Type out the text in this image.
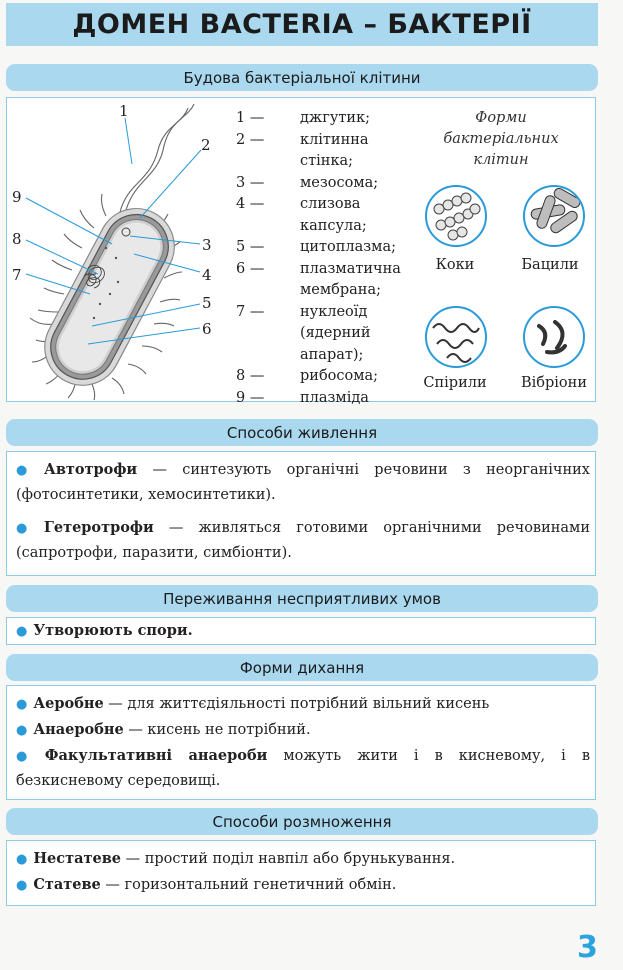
ДОМЕН BACTERIA – БАКТЕРІЇ
Будова бактеріальної клітини
1
2
3
4
5
6
7
8
9
1 —	джгутик;
2 —	клітинна стінка;
3 —	мезосома;
4 —	слизова капсула;
5 —	цитоплазма;
6 —	плазматична мембрана;
7 —	нуклеоїд (ядерний апарат);
8 —	рибосома;
9 —	плазміда
Форми бактеріальних клітин
Коки	Бацили
Спірили	Вібріони
Способи живлення
● Автотрофи — синтезують органічні речовини з неорганічних (фотосинтетики, хемосинтетики).
● Гетеротрофи — живляться готовими органічними речовинами (сапротрофи, паразити, симбіонти).
Переживання несприятливих умов
● Утворюють спори.
Форми дихання
● Аеробне — для життєдіяльності потрібний вільний кисень
● Анаеробне — кисень не потрібний.
● Факультативні анаероби можуть жити і в кисневому, і в безкисневому середовищі.
Способи розмноження
● Нестатеве — простий поділ навпіл або брунькування.
● Статеве — горизонтальний генетичний обмін.
3
